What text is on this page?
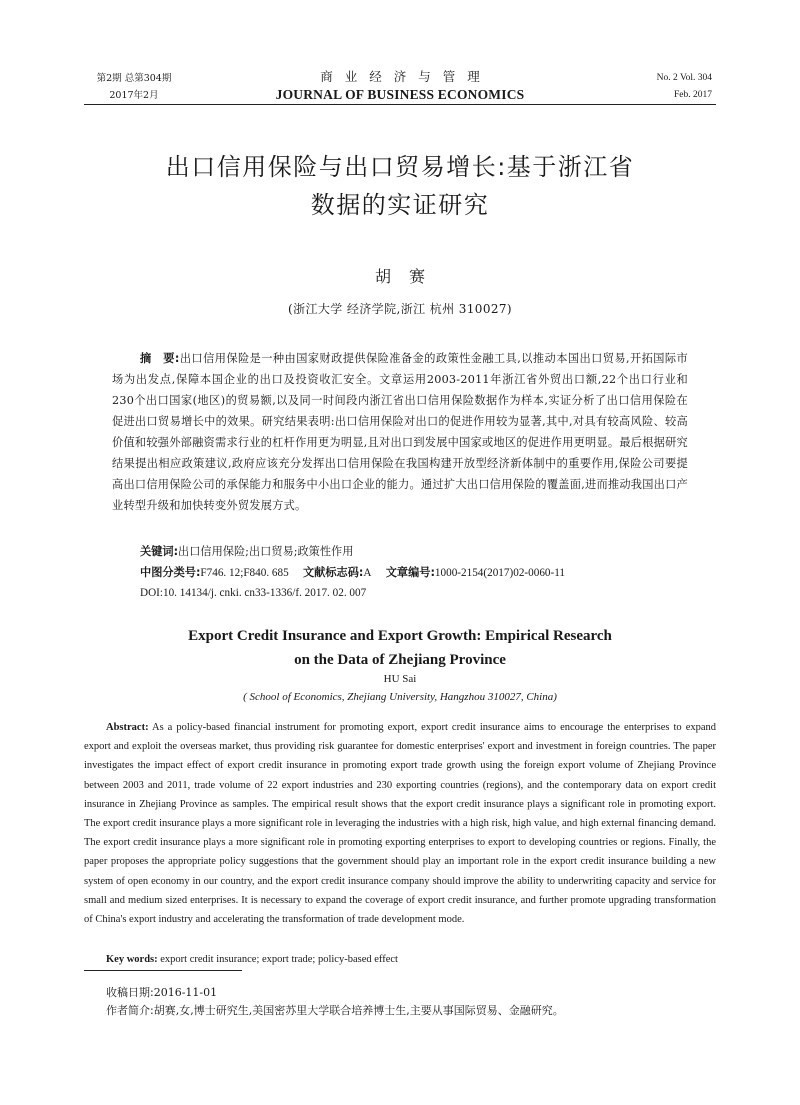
第2期 总第304期
2017年2月
商业经济与管理
JOURNAL OF BUSINESS ECONOMICS
No. 2 Vol. 304
Feb. 2017
出口信用保险与出口贸易增长:基于浙江省
数据的实证研究
胡赛
(浙江大学 经济学院,浙江 杭州 310027)
摘　要:出口信用保险是一种由国家财政提供保险准备金的政策性金融工具,以推动本国出口贸易,开拓国际市场为出发点,保障本国企业的出口及投资收汇安全。文章运用2003-2011年浙江省外贸出口额,22个出口行业和230个出口国家(地区)的贸易额,以及同一时间段内浙江省出口信用保险数据作为样本,实证分析了出口信用保险在促进出口贸易增长中的效果。研究结果表明:出口信用保险对出口的促进作用较为显著,其中,对具有较高风险、较高价值和较强外部融资需求行业的杠杆作用更为明显,且对出口到发展中国家或地区的促进作用更明显。最后根据研究结果提出相应政策建议,政府应该充分发挥出口信用保险在我国构建开放型经济新体制中的重要作用,保险公司要提高出口信用保险公司的承保能力和服务中小出口企业的能力。通过扩大出口信用保险的覆盖面,进而推动我国出口产业转型升级和加快转变外贸发展方式。
关键词:出口信用保险;出口贸易;政策性作用
中图分类号:F746. 12;F840. 685 文献标志码:A 文章编号:1000-2154(2017)02-0060-11
DOI:10. 14134/j. cnki. cn33-1336/f. 2017. 02. 007
Export Credit Insurance and Export Growth: Empirical Research
on the Data of Zhejiang Province
HU Sai
( School of Economics, Zhejiang University, Hangzhou 310027, China)
Abstract: As a policy-based financial instrument for promoting export, export credit insurance aims to encourage the enterprises to expand export and exploit the overseas market, thus providing risk guarantee for domestic enterprises' export and investment in foreign countries. The paper investigates the impact effect of export credit insurance in promoting export trade growth using the foreign export volume of Zhejiang Province between 2003 and 2011, trade volume of 22 export industries and 230 exporting countries (regions), and the contemporary data on export credit insurance in Zhejiang Province as samples. The empirical result shows that the export credit insurance plays a significant role in promoting export. The export credit insurance plays a more significant role in leveraging the industries with a high risk, high value, and high external financing demand. The export credit insurance plays a more significant role in promoting exporting enterprises to export to developing countries or regions. Finally, the paper proposes the appropriate policy suggestions that the government should play an important role in the export credit insurance building a new system of open economy in our country, and the export credit insurance company should improve the ability to underwriting capacity and service for small and medium sized enterprises. It is necessary to expand the coverage of export credit insurance, and further promote upgrading transformation of China's export industry and accelerating the transformation of trade development mode.
Key words: export credit insurance; export trade; policy-based effect
收稿日期:2016-11-01
作者简介:胡赛,女,博士研究生,美国密苏里大学联合培养博士生,主要从事国际贸易、金融研究。
